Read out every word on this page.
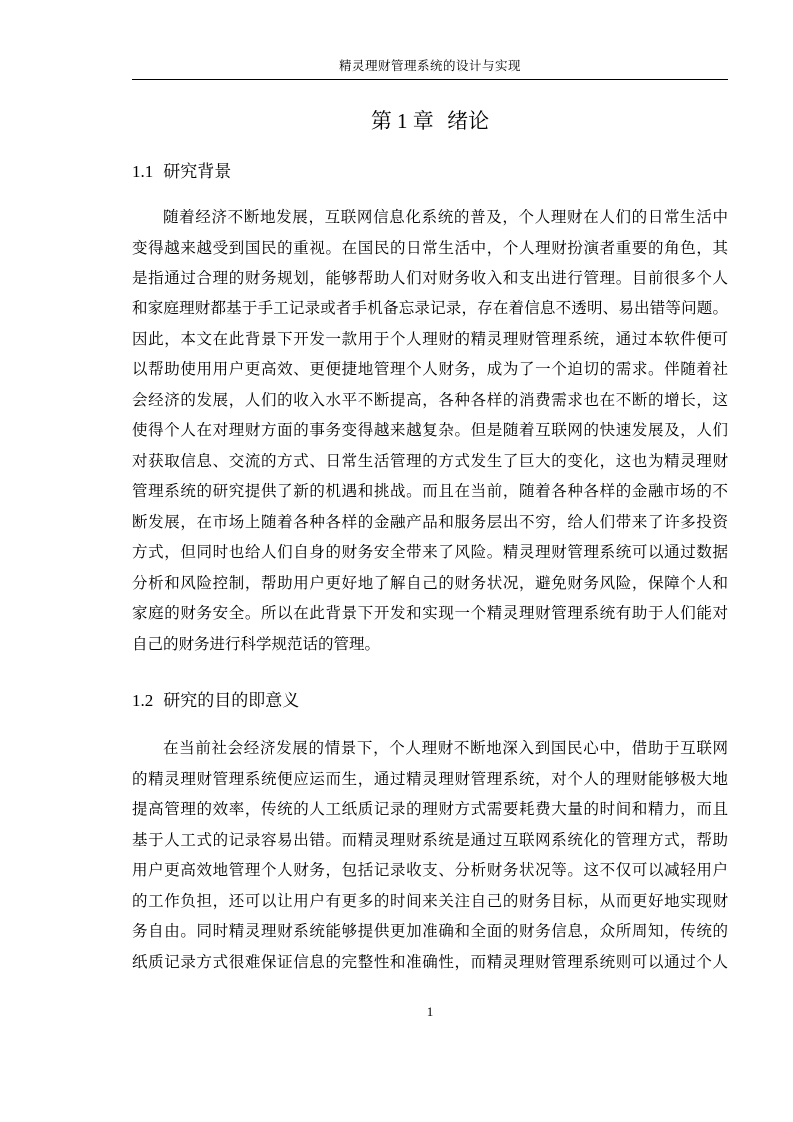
精灵理财管理系统的设计与实现
第 1 章 绪论
1.1 研究背景
随着经济不断地发展，互联网信息化系统的普及，个人理财在人们的日常生活中
变得越来越受到国民的重视。在国民的日常生活中，个人理财扮演者重要的角色，其
是指通过合理的财务规划，能够帮助人们对财务收入和支出进行管理。目前很多个人
和家庭理财都基于手工记录或者手机备忘录记录，存在着信息不透明、易出错等问题。
因此，本文在此背景下开发一款用于个人理财的精灵理财管理系统，通过本软件便可
以帮助使用用户更高效、更便捷地管理个人财务，成为了一个迫切的需求。伴随着社
会经济的发展，人们的收入水平不断提高，各种各样的消费需求也在不断的增长，这
使得个人在对理财方面的事务变得越来越复杂。但是随着互联网的快速发展及，人们
对获取信息、交流的方式、日常生活管理的方式发生了巨大的变化，这也为精灵理财
管理系统的研究提供了新的机遇和挑战。而且在当前，随着各种各样的金融市场的不
断发展，在市场上随着各种各样的金融产品和服务层出不穷，给人们带来了许多投资
方式，但同时也给人们自身的财务安全带来了风险。精灵理财管理系统可以通过数据
分析和风险控制，帮助用户更好地了解自己的财务状况，避免财务风险，保障个人和
家庭的财务安全。所以在此背景下开发和实现一个精灵理财管理系统有助于人们能对
自己的财务进行科学规范话的管理。
1.2 研究的目的即意义
在当前社会经济发展的情景下，个人理财不断地深入到国民心中，借助于互联网
的精灵理财管理系统便应运而生，通过精灵理财管理系统，对个人的理财能够极大地
提高管理的效率，传统的人工纸质记录的理财方式需要耗费大量的时间和精力，而且
基于人工式的记录容易出错。而精灵理财系统是通过互联网系统化的管理方式，帮助
用户更高效地管理个人财务，包括记录收支、分析财务状况等。这不仅可以减轻用户
的工作负担，还可以让用户有更多的时间来关注自己的财务目标，从而更好地实现财
务自由。同时精灵理财系统能够提供更加准确和全面的财务信息，众所周知，传统的
纸质记录方式很难保证信息的完整性和准确性，而精灵理财管理系统则可以通过个人
1
